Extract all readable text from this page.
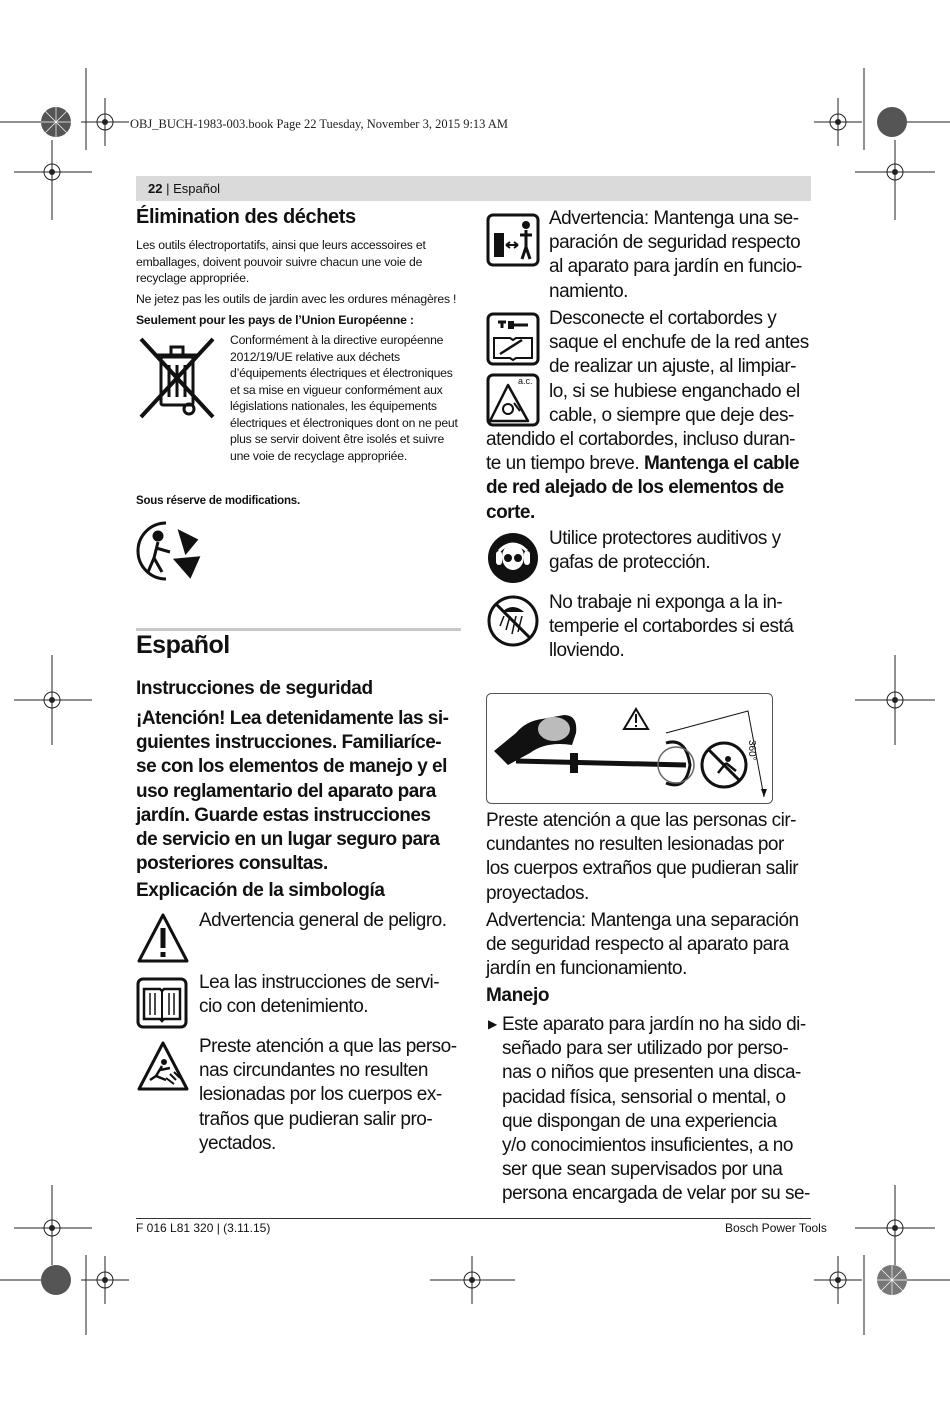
OBJ_BUCH-1983-003.book Page 22 Tuesday, November 3, 2015 9:13 AM
22 | Español
Élimination des déchets
Les outils électroportatifs, ainsi que leurs accessoires et emballages, doivent pouvoir suivre chacun une voie de recyclage appropriée.
Ne jetez pas les outils de jardin avec les ordures ménagères !
Seulement pour les pays de l’Union Européenne :
Conformément à la directive européenne 2012/19/UE relative aux déchets d’équipements électriques et électroniques et sa mise en vigueur conformément aux législations nationales, les équipements électriques et électroniques dont on ne peut plus se servir doivent être isolés et suivre une voie de recyclage appropriée.
Sous réserve de modifications.
Español
Instrucciones de seguridad
¡Atención! Lea detenidamente las si-
guientes instrucciones. Familiaríce-
se con los elementos de manejo y el
uso reglamentario del aparato para
jardín. Guarde estas instrucciones
de servicio en un lugar seguro para
posteriores consultas.
Explicación de la simbología
Advertencia general de peligro.
Lea las instrucciones de servi-
cio con detenimiento.
Preste atención a que las perso-
nas circundantes no resulten
lesionadas por los cuerpos ex-
traños que pudieran salir pro-
yectados.
Advertencia: Mantenga una se-
paración de seguridad respecto
al aparato para jardín en funcio-
namiento.
a.c.
Desconecte el cortabordes y
saque el enchufe de la red antes
de realizar un ajuste, al limpiar-
lo, si se hubiese enganchado el
cable, o siempre que deje des-
atendido el cortabordes, incluso duran-
te un tiempo breve. Mantenga el cable
de red alejado de los elementos de
corte.
Utilice protectores auditivos y
gafas de protección.
No trabaje ni exponga a la in-
temperie el cortabordes si está
lloviendo.
360°
Preste atención a que las personas cir-
cundantes no resulten lesionadas por
los cuerpos extraños que pudieran salir
proyectados.
Advertencia: Mantenga una separación
de seguridad respecto al aparato para
jardín en funcionamiento.
Manejo
▶ Este aparato para jardín no ha sido di-
señado para ser utilizado por perso-
nas o niños que presenten una disca-
pacidad física, sensorial o mental, o
que dispongan de una experiencia
y/o conocimientos insuficientes, a no
ser que sean supervisados por una
persona encargada de velar por su se-
F 016 L81 320 | (3.11.15)	Bosch Power Tools
